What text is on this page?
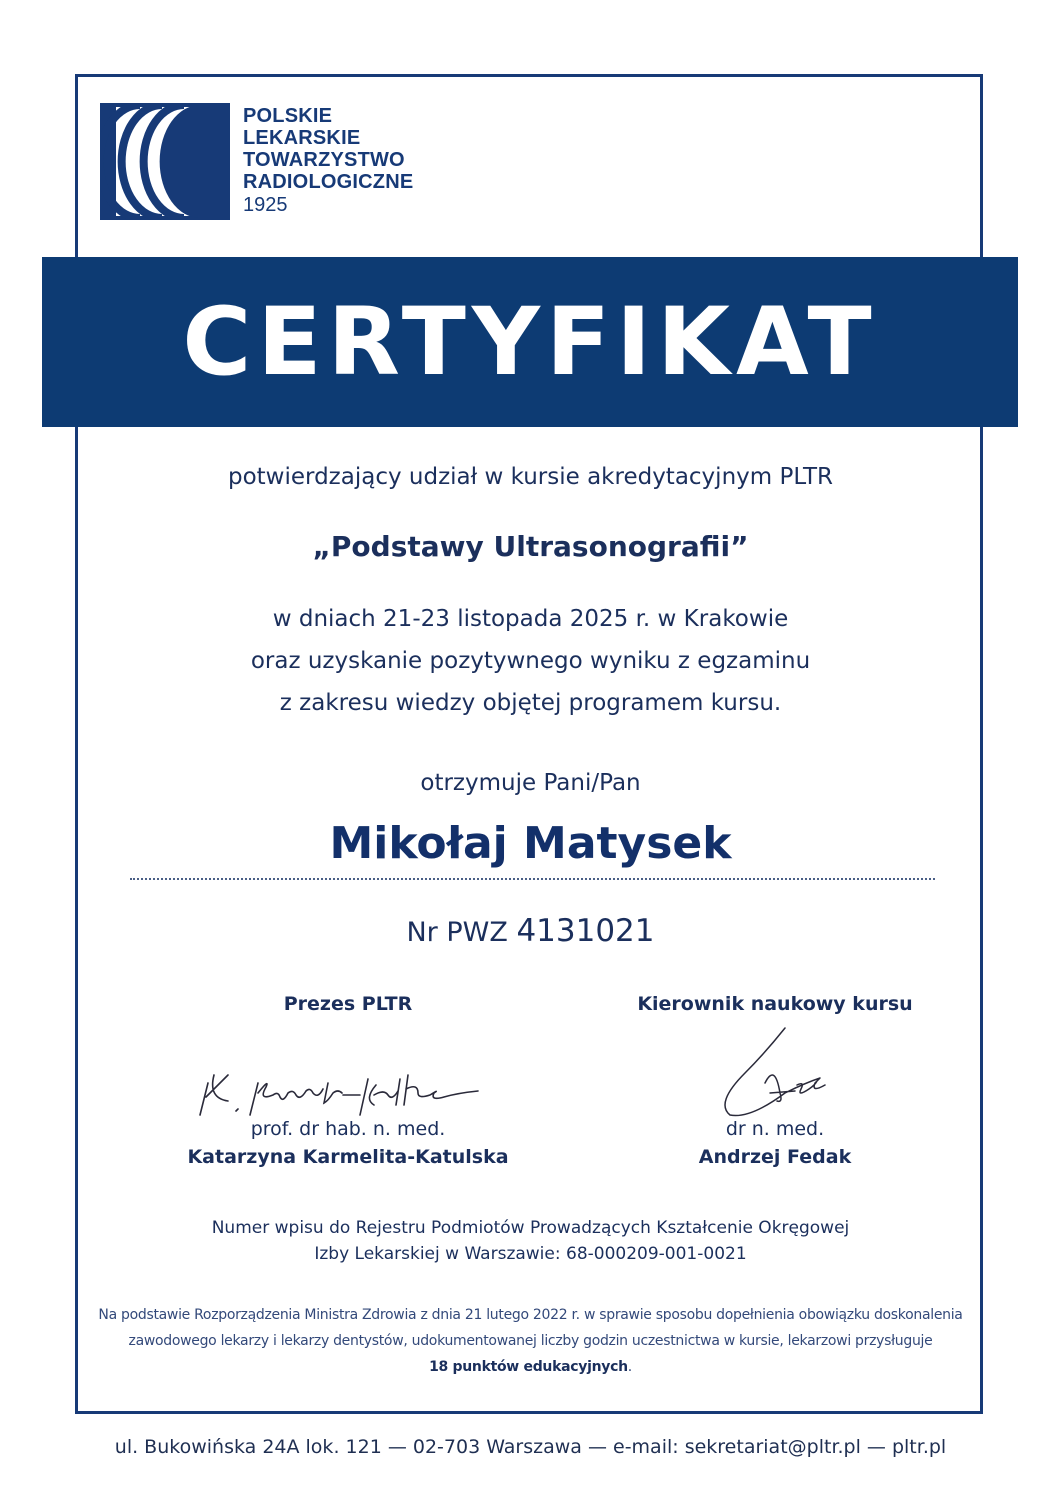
POLSKIE
LEKARSKIE
TOWARZYSTWO
RADIOLOGICZNE
1925
CERTYFIKAT
potwierdzający udział w kursie akredytacyjnym PLTR
„Podstawy Ultrasonografii”
w dniach 21-23 listopada 2025 r. w Krakowie
oraz uzyskanie pozytywnego wyniku z egzaminu
z zakresu wiedzy objętej programem kursu.
otrzymuje Pani/Pan
Mikołaj Matysek
Nr PWZ 4131021
Prezes PLTR
prof. dr hab. n. med.
Katarzyna Karmelita-Katulska
Kierownik naukowy kursu
dr n. med.
Andrzej Fedak
Numer wpisu do Rejestru Podmiotów Prowadzących Kształcenie Okręgowej
Izby Lekarskiej w Warszawie: 68-000209-001-0021
Na podstawie Rozporządzenia Ministra Zdrowia z dnia 21 lutego 2022 r. w sprawie sposobu dopełnienia obowiązku doskonalenia
zawodowego lekarzy i lekarzy dentystów, udokumentowanej liczby godzin uczestnictwa w kursie, lekarzowi przysługuje
18 punktów edukacyjnych.
ul. Bukowińska 24A lok. 121 — 02-703 Warszawa — e-mail: sekretariat@pltr.pl — pltr.pl
